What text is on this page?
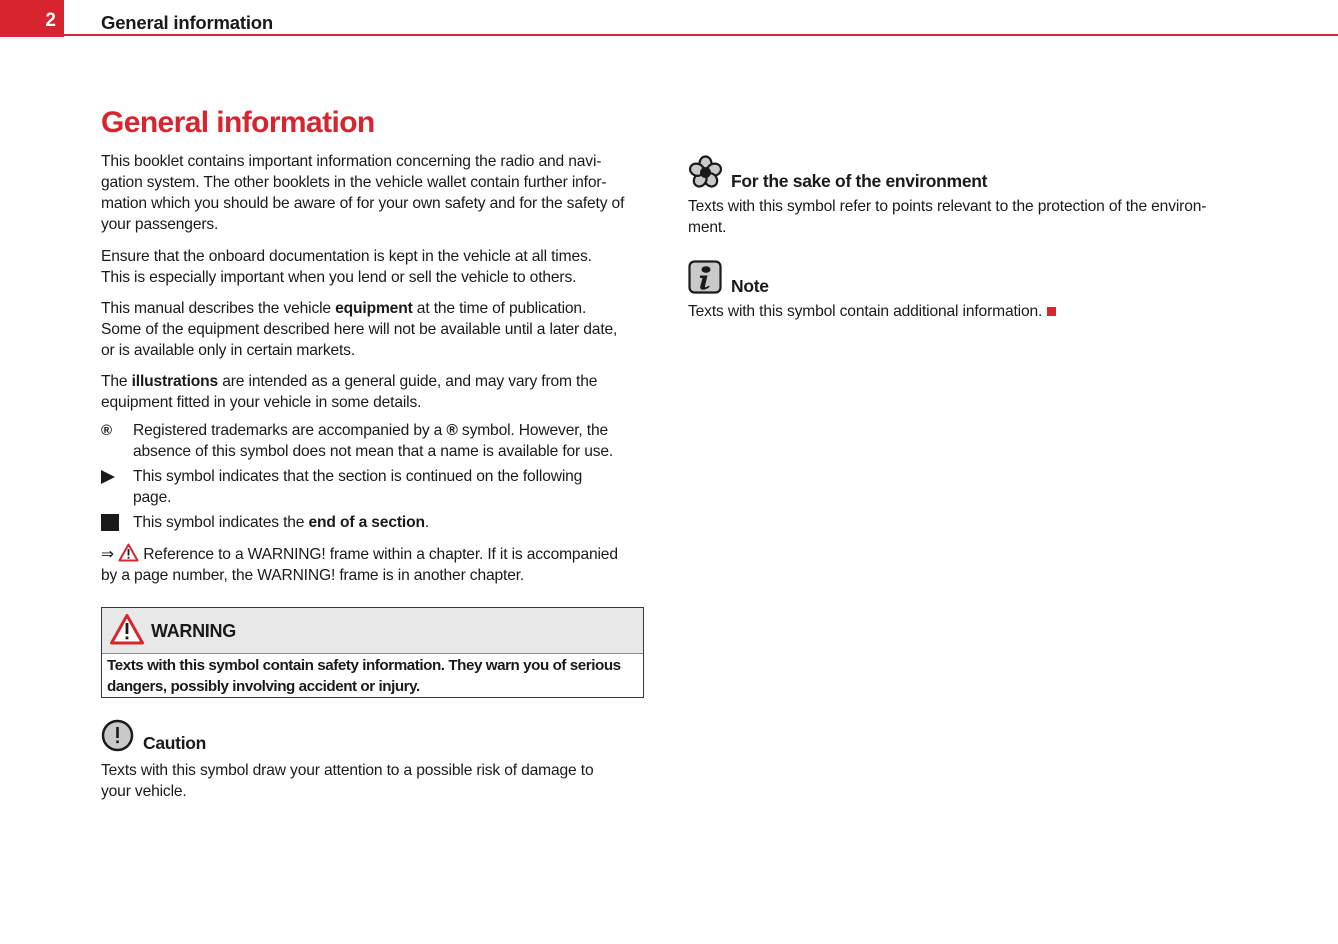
2 General information
General information
This booklet contains important information concerning the radio and navi-
gation system. The other booklets in the vehicle wallet contain further infor-
mation which you should be aware of for your own safety and for the safety of
your passengers.
Ensure that the onboard documentation is kept in the vehicle at all times.
This is especially important when you lend or sell the vehicle to others.
This manual describes the vehicle equipment at the time of publication.
Some of the equipment described here will not be available until a later date,
or is available only in certain markets.
The illustrations are intended as a general guide, and may vary from the
equipment fitted in your vehicle in some details.
® Registered trademarks are accompanied by a ® symbol. However, the
absence of this symbol does not mean that a name is available for use.
This symbol indicates that the section is continued on the following
page.
This symbol indicates the end of a section.
⇒
Reference to a WARNING! frame within a chapter. If it is accompanied
by a page number, the WARNING! frame is in another chapter.
WARNING
Texts with this symbol contain safety information. They warn you of serious
dangers, possibly involving accident or injury.
Caution
Texts with this symbol draw your attention to a possible risk of damage to
your vehicle.
For the sake of the environment
Texts with this symbol refer to points relevant to the protection of the environ-
ment.
Note
Texts with this symbol contain additional information.
